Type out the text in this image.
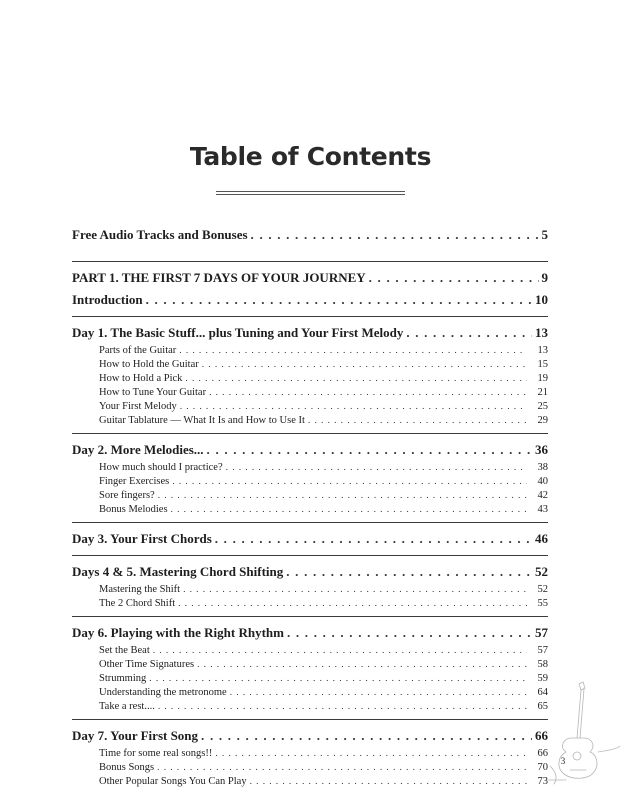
Table of Contents
Free Audio Tracks and Bonuses . . .	5
PART 1. THE FIRST 7 DAYS OF YOUR JOURNEY . . .	9
Introduction . . .	10
Day 1. The Basic Stuff... plus Tuning and Your First Melody . . .	13
Parts of the Guitar . . .	13
How to Hold the Guitar . . .	15
How to Hold a Pick . . .	19
How to Tune Your Guitar . . .	21
Your First Melody . . .	25
Guitar Tablature — What It Is and How to Use It . . .	29
Day 2. More Melodies... . . .	36
How much should I practice? . . .	38
Finger Exercises . . .	40
Sore fingers? . . .	42
Bonus Melodies . . .	43
Day 3. Your First Chords . . .	46
Days 4 & 5. Mastering Chord Shifting . . .	52
Mastering the Shift . . .	52
The 2 Chord Shift . . .	55
Day 6. Playing with the Right Rhythm . . .	57
Set the Beat . . .	57
Other Time Signatures . . .	58
Strumming . . .	59
Understanding the metronome . . .	64
Take a rest.... . . .	65
Day 7. Your First Song . . .	66
Time for some real songs!! . . .	66
Bonus Songs . . .	70
Other Popular Songs You Can Play . . .	73
3
